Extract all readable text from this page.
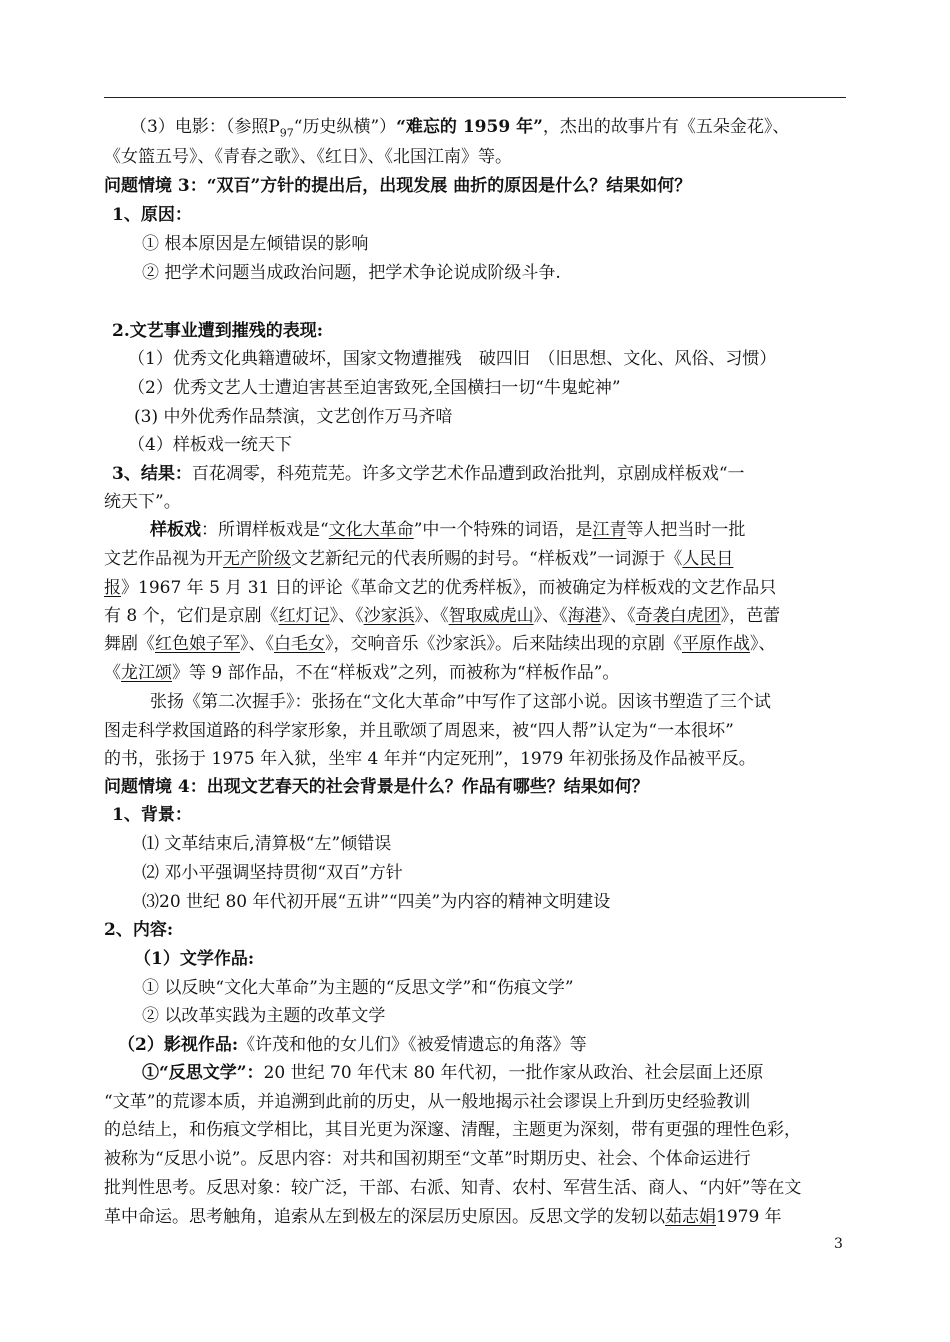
（3）电影：（参照$P_{97}“$历史纵横”）“难忘的 1959 年”，杰出的故事片有《五朵金花》、
《女篮五号》、《青春之歌》、《红日》、《北国江南》等。
问题情境 3：“双百”方针的提出后，出现发展 曲折的原因是什么？结果如何？
1、原因：
① 根本原因是左倾错误的影响
② 把学术问题当成政治问题，把学术争论说成阶级斗争.
2.文艺事业遭到摧残的表现:
（1）优秀文化典籍遭破坏，国家文物遭摧残　破四旧　（旧思想、文化、风俗、习惯）
（2）优秀文艺人士遭迫害甚至迫害致死,全国横扫一切“牛鬼蛇神”
(3) 中外优秀作品禁演，文艺创作万马齐喑
（4）样板戏一统天下
3、结果：百花凋零，科苑荒芜。许多文学艺术作品遭到政治批判，京剧成样板戏“一
统天下”。
样板戏：所谓样板戏是“文化大革命”中一个特殊的词语，是江青等人把当时一批
文艺作品视为开无产阶级文艺新纪元的代表所赐的封号。“样板戏”一词源于《人民日
报》1967 年 5 月 31 日的评论《革命文艺的优秀样板》，而被确定为样板戏的文艺作品只
有 8 个，它们是京剧《红灯记》、《沙家浜》、《智取威虎山》、《海港》、《奇袭白虎团》，芭蕾
舞剧《红色娘子军》、《白毛女》，交响音乐《沙家浜》。后来陆续出现的京剧《平原作战》、
《龙江颂》等 9 部作品，不在“样板戏”之列，而被称为“样板作品”。
张扬《第二次握手》：张扬在“文化大革命”中写作了这部小说。因该书塑造了三个试
图走科学救国道路的科学家形象，并且歌颂了周恩来，被“四人帮”认定为“一本很坏”
的书，张扬于 1975 年入狱，坐牢 4 年并“内定死刑”，1979 年初张扬及作品被平反。
问题情境 4：出现文艺春天的社会背景是什么？作品有哪些？结果如何？
1、背景：
⑴ 文革结束后,清算极“左”倾错误
⑵ 邓小平强调坚持贯彻“双百”方针
⑶20 世纪 80 年代初开展“五讲”“四美”为内容的精神文明建设
2、内容:
（1）文学作品:
① 以反映“文化大革命”为主题的“反思文学”和“伤痕文学”
② 以改革实践为主题的改革文学
（2）影视作品:《许茂和他的女儿们》《被爱情遗忘的角落》等
①“反思文学”：20 世纪 70 年代末 80 年代初，一批作家从政治、社会层面上还原
“文革”的荒谬本质，并追溯到此前的历史，从一般地揭示社会谬误上升到历史经验教训
的总结上，和伤痕文学相比，其目光更为深邃、清醒，主题更为深刻，带有更强的理性色彩，
被称为“反思小说”。反思内容：对共和国初期至“文革”时期历史、社会、个体命运进行
批判性思考。反思对象：较广泛，干部、右派、知青、农村、军营生活、商人、“内奸”等在文
革中命运。思考触角，追索从左到极左的深层历史原因。反思文学的发轫以茹志娟1979 年
3
